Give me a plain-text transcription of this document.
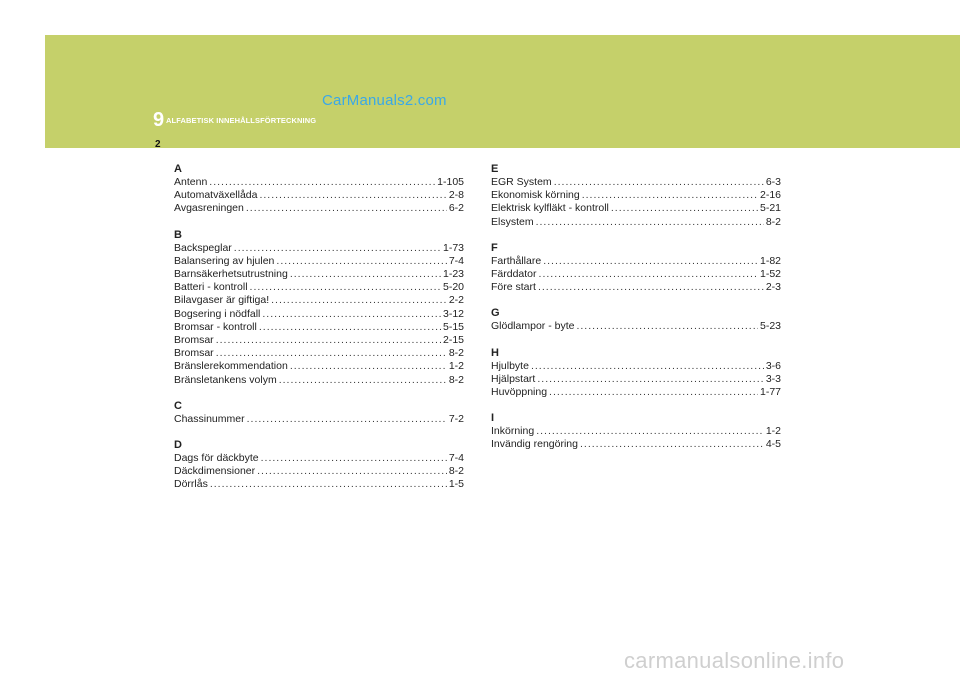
CarManuals2.com
9 ALFABETISK INNEHÅLLSFÖRTECKNING
2
A
Antenn .....	1-105
Automatväxellåda .....	2-8
Avgasreningen .....	6-2
B
Backspeglar .....	1-73
Balansering av hjulen .....	7-4
Barnsäkerhetsutrustning .....	1-23
Batteri - kontroll .....	5-20
Bilavgaser är giftiga! .....	2-2
Bogsering i nödfall .....	3-12
Bromsar - kontroll .....	5-15
Bromsar .....	2-15
Bromsar .....	8-2
Bränslerekommendation .....	1-2
Bränsletankens volym .....	8-2
C
Chassinummer .....	7-2
D
Dags för däckbyte .....	7-4
Däckdimensioner .....	8-2
Dörrlås .....	1-5
E
EGR System .....	6-3
Ekonomisk körning .....	2-16
Elektrisk kylfläkt - kontroll .....	5-21
Elsystem .....	8-2
F
Farthållare .....	1-82
Färddator .....	1-52
Före start .....	2-3
G
Glödlampor - byte .....	5-23
H
Hjulbyte .....	3-6
Hjälpstart .....	3-3
Huvöppning .....	1-77
I
Inkörning .....	1-2
Invändig rengöring .....	4-5
carmanualsonline.info
